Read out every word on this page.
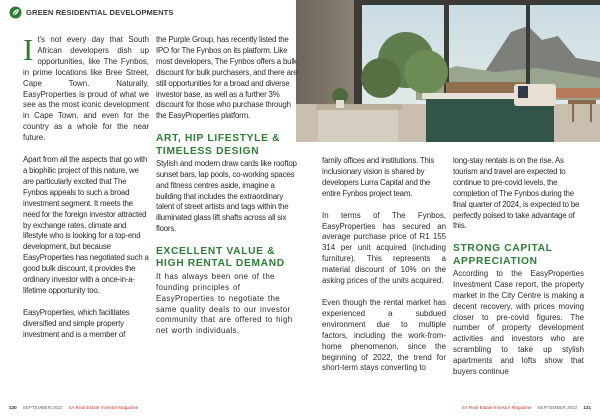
GREEN RESIDENTIAL DEVELOPMENTS

It's not every day that South African developers dish up opportunities, like The Fynbos, in prime locations like Bree Street, Cape Town. Naturally, EasyProperties is proud of what we see as the most iconic development in Cape Town, and even for the country as a whole for the near future.

Apart from all the aspects that go with a biophilic project of this nature, we are particularly excited that The Fynbos appeals to such a broad investment segment. It meets the need for the foreign investor attracted by exchange rates, climate and lifestyle who is looking for a top-end development, but because EasyProperties has negotiated such a good bulk discount, it provides the ordinary investor with a once-in-a-lifetime opportunity too.

EasyProperties, which facilitates diversified and simple property investment and is a member of

the Purple Group, has recently listed the IPO for The Fynbos on its platform. Like most developers, The Fynbos offers a bulk discount for bulk purchasers, and there are still opportunities for a broad and diverse investor base, as well as a further 3% discount for those who purchase through the EasyProperties platform.

ART, HIP LIFESTYLE & TIMELESS DESIGN

Stylish and modern draw cards like rooftop sunset bars, lap pools, co-working spaces and fitness centres aside, imagine a building that includes the extraordinary talent of street artists and tags within the illuminated glass lift shafts across all six floors.

EXCELLENT VALUE & HIGH RENTAL DEMAND

It has always been one of the founding principles of EasyProperties to negotiate the same quality deals to our investor community that are offered to high net worth individuals,

family offices and institutions. This inclusionary vision is shared by developers Lurra Capital and the entire Fynbos project team.

In terms of The Fynbos, EasyProperties has secured an average purchase price of R1 155 314 per unit acquired (including furniture). This represents a material discount of 10% on the asking prices of the units acquired.

Even though the rental market has experienced a subdued environment due to multiple factors, including the work-from-home phenomenon, since the beginning of 2022, the trend for short-term stays converting to

long-stay rentals is on the rise. As tourism and travel are expected to continue to pre-covid levels, the completion of The Fynbos during the final quarter of 2024, is expected to be perfectly poised to take advantage of this.

STRONG CAPITAL APPRECIATION

According to the EasyProperties Investment Case report, the property market in the City Centre is making a decent recovery, with prices moving closer to pre-covid figures. The number of property development activities and investors who are scrambling to take up stylish apartments and lofts show that buyers continue

130 SEPTEMBER 2022 SA Real Estate Investor Magazine	SA Real Estate Investor Magazine SEPTEMBER 2022 131
